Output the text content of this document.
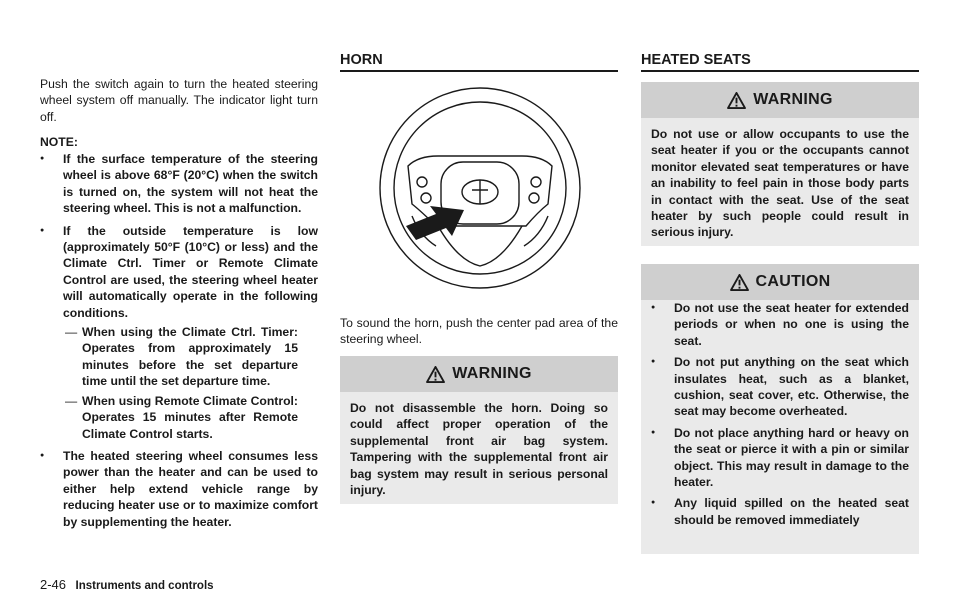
Push the switch again to turn the heated steering wheel system off manually. The indicator light turn off.

NOTE:

● If the surface temperature of the steering wheel is above 68°F (20°C) when the switch is turned on, the system will not heat the steering wheel. This is not a malfunction.
● If the outside temperature is low (approximately 50°F (10°C) or less) and the Climate Ctrl. Timer or Remote Climate Control are used, the steering wheel heater will automatically operate in the following conditions.
— When using the Climate Ctrl. Timer: Operates from approximately 15 minutes before the set departure time until the set departure time.
— When using Remote Climate Control: Operates 15 minutes after Remote Climate Control starts.
● The heated steering wheel consumes less power than the heater and can be used to either help extend vehicle range by reducing heater use or to maximize comfort by supplementing the heater.
HORN

To sound the horn, push the center pad area of the steering wheel.

WARNING
Do not disassemble the horn. Doing so could affect proper operation of the supplemental front air bag system. Tampering with the supplemental front air bag system may result in serious personal injury.
HEATED SEATS
WARNING
Do not use or allow occupants to use the seat heater if you or the occupants cannot monitor elevated seat temperatures or have an inability to feel pain in those body parts in contact with the seat. Use of the seat heater by such people could result in serious injury.
CAUTION
● Do not use the seat heater for extended periods or when no one is using the seat.
● Do not put anything on the seat which insulates heat, such as a blanket, cushion, seat cover, etc. Otherwise, the seat may become overheated.
● Do not place anything hard or heavy on the seat or pierce it with a pin or similar object. This may result in damage to the heater.
● Any liquid spilled on the heated seat should be removed immediately
2-46 Instruments and controls
